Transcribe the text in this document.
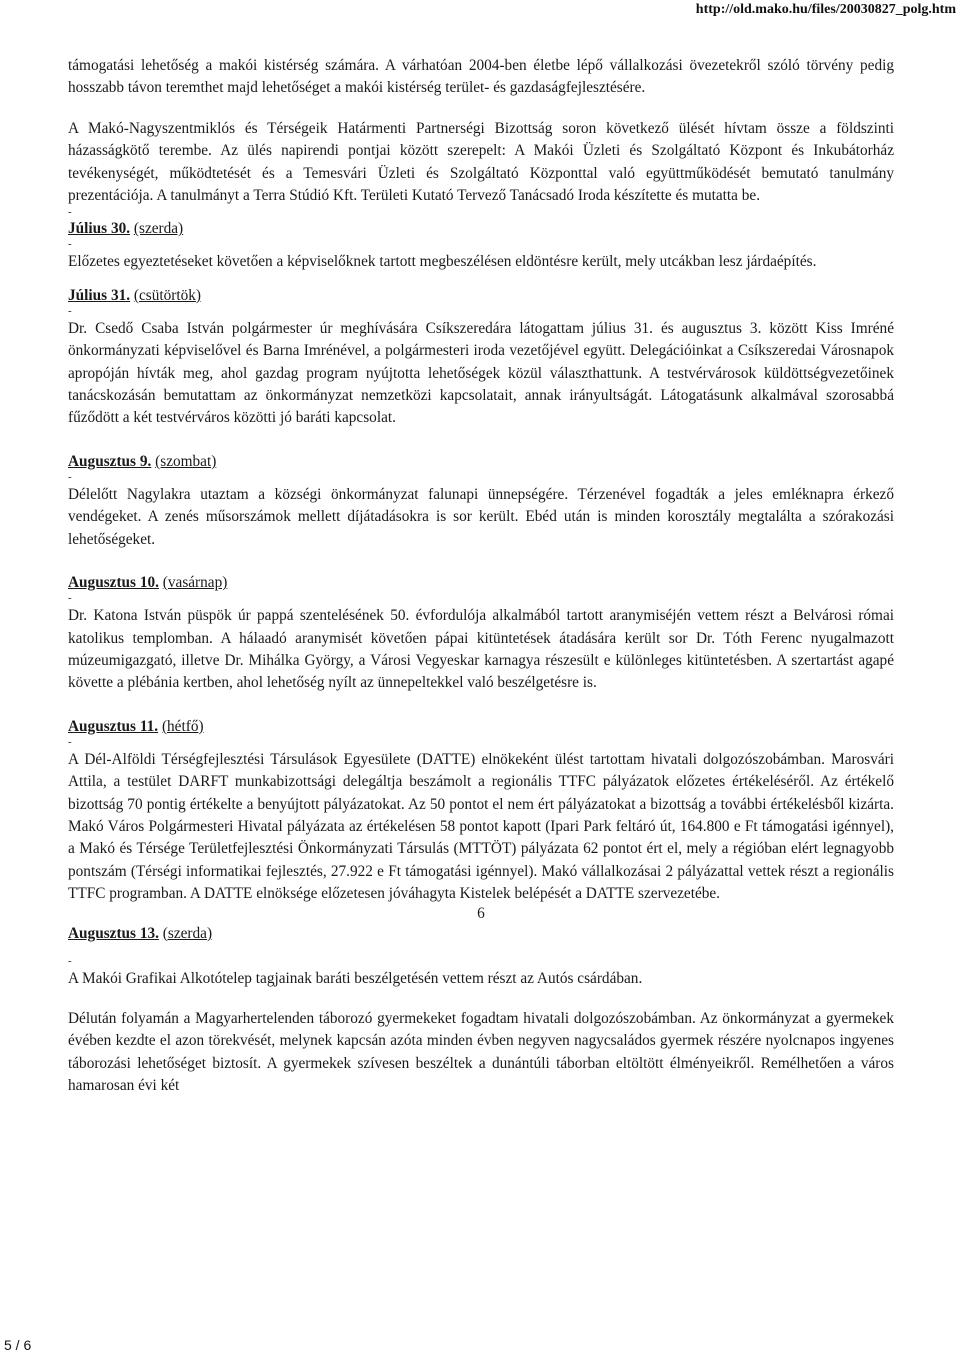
http://old.mako.hu/files/20030827_polg.htm

támogatási lehetőség a makói kistérség számára. A várhatóan 2004-ben életbe lépő vállalkozási övezetekről szóló törvény pedig hosszabb távon teremthet majd lehetőséget a makói kistérség terület- és gazdaságfejlesztésére.

A Makó-Nagyszentmiklós és Térségeik Határmenti Partnerségi Bizottság soron következő ülését hívtam össze a földszinti házasságkötő terembe. Az ülés napirendi pontjai között szerepelt: A Makói Üzleti és Szolgáltató Központ és Inkubátorház tevékenységét, működtetését és a Temesvári Üzleti és Szolgáltató Központtal való együttműködését bemutató tanulmány prezentációja. A tanulmányt a Terra Stúdió Kft. Területi Kutató Tervező Tanácsadó Iroda készítette és mutatta be.

-

Július 30. (szerda)

-

Előzetes egyeztetéseket követően a képviselőknek tartott megbeszélésen eldöntésre került, mely utcákban lesz járdaépítés.

Július 31. (csütörtök)

-

Dr. Csedő Csaba István polgármester úr meghívására Csíkszeredára látogattam július 31. és augusztus 3. között Kiss Imréné önkormányzati képviselővel és Barna Imrénével, a polgármesteri iroda vezetőjével együtt. Delegációinkat a Csíkszeredai Városnapok apropóján hívták meg, ahol gazdag program nyújtotta lehetőségek közül választhattunk. A testvérvárosok küldöttségvezetőinek tanácskozásán bemutattam az önkormányzat nemzetközi kapcsolatait, annak irányultságát. Látogatásunk alkalmával szorosabbá fűződött a két testvérváros közötti jó baráti kapcsolat.

Augusztus 9. (szombat)

-

Délelőtt Nagylakra utaztam a községi önkormányzat falunapi ünnepségére. Térzenével fogadták a jeles emléknapra érkező vendégeket. A zenés műsorszámok mellett díjátadásokra is sor került. Ebéd után is minden korosztály megtalálta a szórakozási lehetőségeket.

Augusztus 10. (vasárnap)

-

Dr. Katona István püspök úr pappá szentelésének 50. évfordulója alkalmából tartott aranymiséjén vettem részt a Belvárosi római katolikus templomban. A hálaadó aranymisét követően pápai kitüntetések átadására került sor Dr. Tóth Ferenc nyugalmazott múzeumigazgató, illetve Dr. Mihálka György, a Városi Vegyeskar karnagya részesült e különleges kitüntetésben. A szertartást agapé követte a plébánia kertben, ahol lehetőség nyílt az ünnepeltekkel való beszélgetésre is.

Augusztus 11. (hétfő)

-

A Dél-Alföldi Térségfejlesztési Társulások Egyesülete (DATTE) elnökeként ülést tartottam hivatali dolgozószobámban. Marosvári Attila, a testület DARFT munkabizottsági delegáltja beszámolt a regionális TTFC pályázatok előzetes értékeléséről. Az értékelő bizottság 70 pontig értékelte a benyújtott pályázatokat. Az 50 pontot el nem ért pályázatokat a bizottság a további értékelésből kizárta. Makó Város Polgármesteri Hivatal pályázata az értékelésen 58 pontot kapott (Ipari Park feltáró út, 164.800 e Ft támogatási igénnyel), a Makó és Térsége Területfejlesztési Önkormányzati Társulás (MTTÖT) pályázata 62 pontot ért el, mely a régióban elért legnagyobb pontszám (Térségi informatikai fejlesztés, 27.922 e Ft támogatási igénnyel). Makó vállalkozásai 2 pályázattal vettek részt a regionális TTFC programban. A DATTE elnöksége előzetesen jóváhagyta Kistelek belépését a DATTE szervezetébe.

6

Augusztus 13. (szerda)

-

A Makói Grafikai Alkotótelep tagjainak baráti beszélgetésén vettem részt az Autós csárdában.

Délután folyamán a Magyarhertelenden táborozó gyermekeket fogadtam hivatali dolgozószobámban. Az önkormányzat a gyermekek évében kezdte el azon törekvését, melynek kapcsán azóta minden évben negyven nagycsaládos gyermek részére nyolcnapos ingyenes táborozási lehetőséget biztosít. A gyermekek szívesen beszéltek a dunántúli táborban eltöltött élményeikről. Remélhetően a város hamarosan évi két

5 / 6
